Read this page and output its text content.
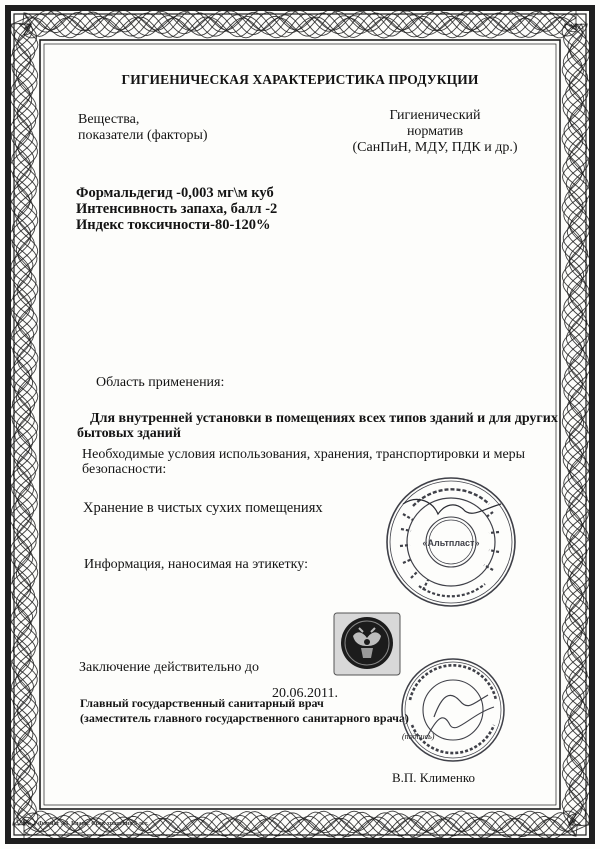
ГИГИЕНИЧЕСКАЯ ХАРАКТЕРИСТИКА ПРОДУКЦИИ
Вещества,
показатели (факторы)
Гигиенический
норматив
(СанПиН, МДУ, ПДК и др.)
Формальдегид -0,003 мг\м куб
Интенсивность запаха, балл -2
Индекс токсичности-80-120%
Область применения:
Для внутренней установки в помещениях всех типов зданий и для других
бытовых зданий
Необходимые условия использования, хранения, транспортировки и меры
безопасности:
Хранение в чистых сухих помещениях
Информация, наносимая на этикетку:
Заключение действительно до
20.06.2011.
Главный государственный санитарный врач
(заместитель главного государственного санитарного врача)
(подпись)
В.П. Клименко
Формат А4. Бланк. Срок хранения 5 лет.
«Альтпласт»
